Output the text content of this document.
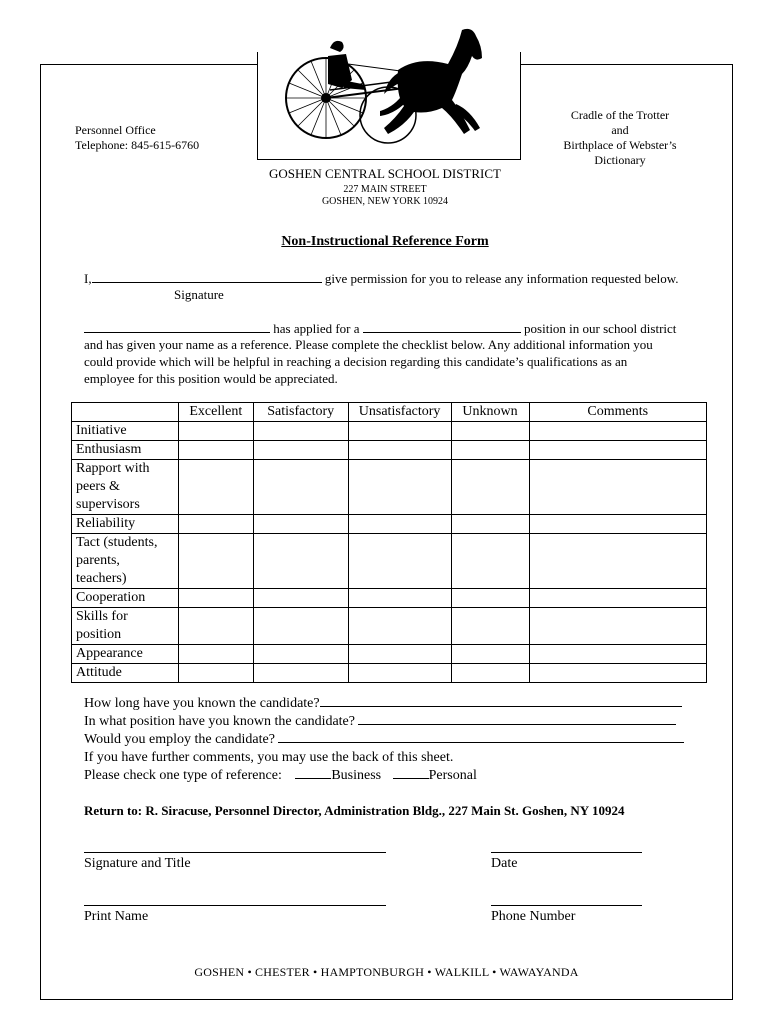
Personnel Office
Telephone: 845-615-6760
Cradle of the Trotter
and
Birthplace of Webster’s
Dictionary
GOSHEN CENTRAL SCHOOL DISTRICT
227 MAIN STREET
GOSHEN, NEW YORK 10924
Non-Instructional Reference Form
I,	give permission for you to release any information requested below.
Signature
has applied for a	position in our school district
and has given your name as a reference. Please complete the checklist below. Any additional information you
could provide which will be helpful in reaching a decision regarding this candidate’s qualifications as an
employee for this position would be appreciated.
	Excellent	Satisfactory	Unsatisfactory	Unknown	Comments
Initiative					
Enthusiasm					
Rapport with peers & supervisors					
Reliability					
Tact (students, parents, teachers)					
Cooperation					
Skills for position					
Appearance					
Attitude					
How long have you known the candidate?
In what position have you known the candidate?
Would you employ the candidate?
If you have further comments, you may use the back of this sheet.
Please check one type of reference:	Business	Personal
Return to: R. Siracuse, Personnel Director, Administration Bldg., 227 Main St. Goshen, NY 10924
Signature and Title	Date
Print Name	Phone Number
GOSHEN • CHESTER • HAMPTONBURGH • WALKILL • WAWAYANDA
